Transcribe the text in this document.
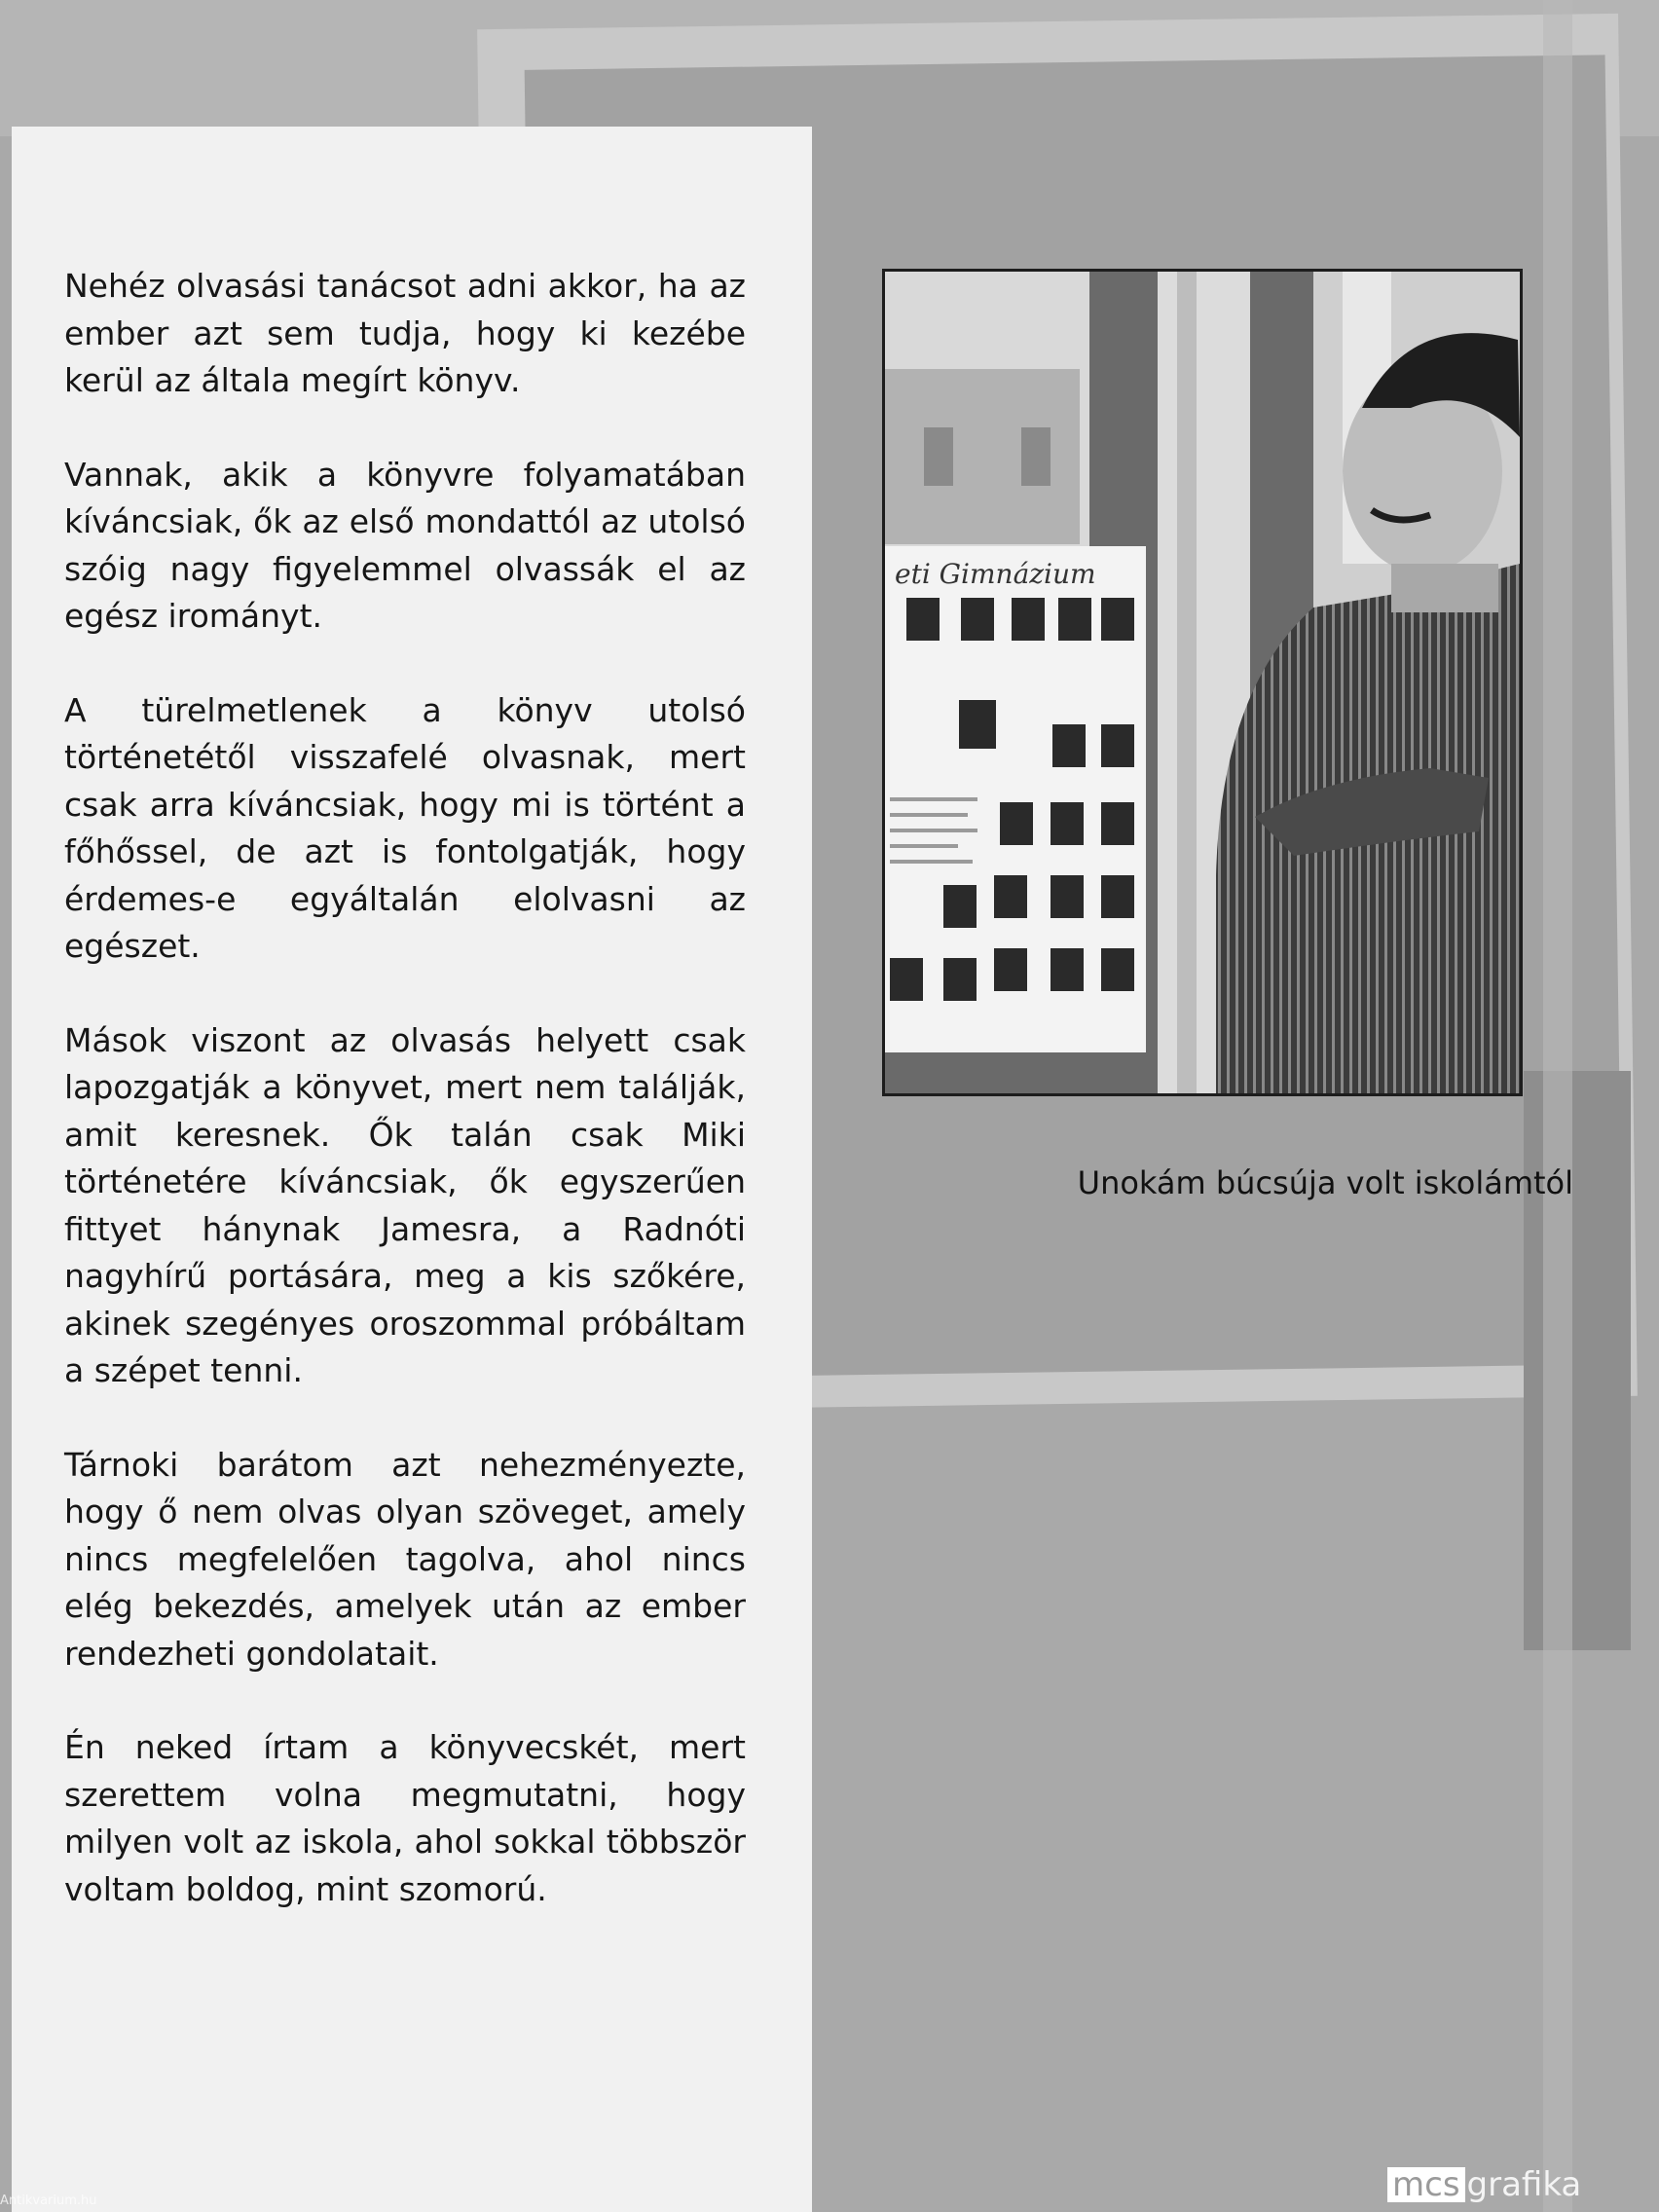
Nehéz olvasási tanácsot adni akkor, ha az ember azt sem tudja, hogy ki kezébe kerül az általa megírt könyv.

Vannak, akik a könyvre folyamatában kíváncsiak, ők az első mondattól az utolsó szóig nagy figyelemmel olvassák el az egész irományt.

A türelmetlenek a könyv utolsó történetétől visszafelé olvasnak, mert csak arra kíváncsiak, hogy mi is történt a főhőssel, de azt is fontolgatják, hogy érdemes-e egyáltalán elolvasni az egészet.

Mások viszont az olvasás helyett csak lapozgatják a könyvet, mert nem találják, amit keresnek. Ők talán csak Miki történetére kíváncsiak, ők egyszerűen fittyet hánynak Jamesra, a Radnóti nagyhírű portására, meg a kis szőkére, akinek szegényes oroszommal próbáltam a szépet tenni.

Tárnoki barátom azt nehezményezte, hogy ő nem olvas olyan szöveget, amely nincs megfelelően tagolva, ahol nincs elég bekezdés, amelyek után az ember rendezheti gondolatait.

Én neked írtam a könyvecskét, mert szerettem volna megmutatni, hogy milyen volt az iskola, ahol sokkal többször voltam boldog, mint szomorú.

eti Gimnázium
Unokám búcsúja volt iskolámtól
mcs grafika
Antikvarium.hu
